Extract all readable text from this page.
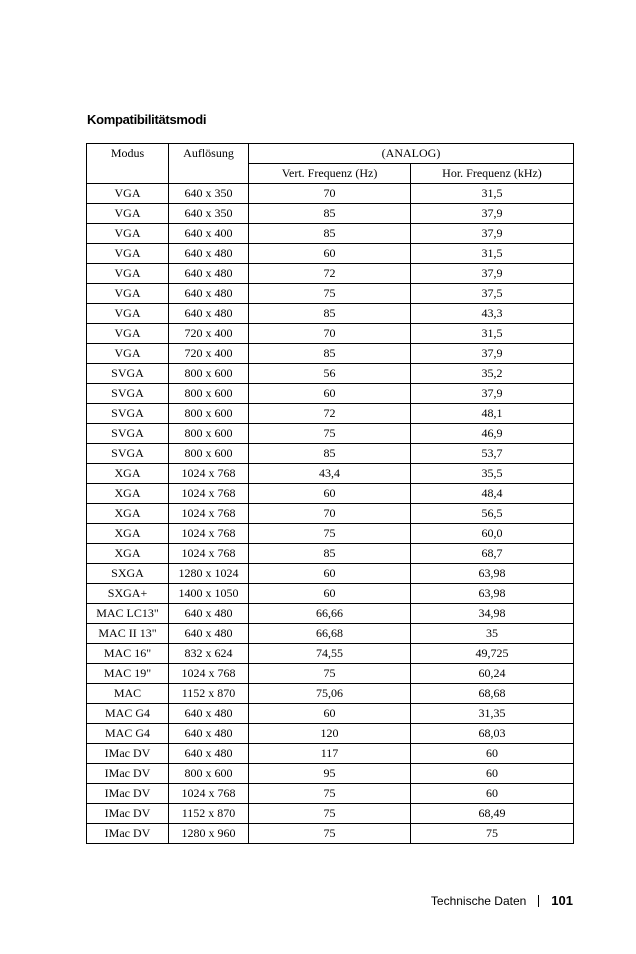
Kompatibilitätsmodi
Modus	Auflösung	(ANALOG)	
		Vert. Frequenz (Hz)	Hor. Frequenz (kHz)
VGA	640 x 350	70	31,5
VGA	640 x 350	85	37,9
VGA	640 x 400	85	37,9
VGA	640 x 480	60	31,5
VGA	640 x 480	72	37,9
VGA	640 x 480	75	37,5
VGA	640 x 480	85	43,3
VGA	720 x 400	70	31,5
VGA	720 x 400	85	37,9
SVGA	800 x 600	56	35,2
SVGA	800 x 600	60	37,9
SVGA	800 x 600	72	48,1
SVGA	800 x 600	75	46,9
SVGA	800 x 600	85	53,7
XGA	1024 x 768	43,4	35,5
XGA	1024 x 768	60	48,4
XGA	1024 x 768	70	56,5
XGA	1024 x 768	75	60,0
XGA	1024 x 768	85	68,7
SXGA	1280 x 1024	60	63,98
SXGA+	1400 x 1050	60	63,98
MAC LC13"	640 x 480	66,66	34,98
MAC II 13"	640 x 480	66,68	35
MAC 16"	832 x 624	74,55	49,725
MAC 19"	1024 x 768	75	60,24
MAC	1152 x 870	75,06	68,68
MAC G4	640 x 480	60	31,35
MAC G4	640 x 480	120	68,03
IMac DV	640 x 480	117	60
IMac DV	800 x 600	95	60
IMac DV	1024 x 768	75	60
IMac DV	1152 x 870	75	68,49
IMac DV	1280 x 960	75	75
Technische Daten 101
